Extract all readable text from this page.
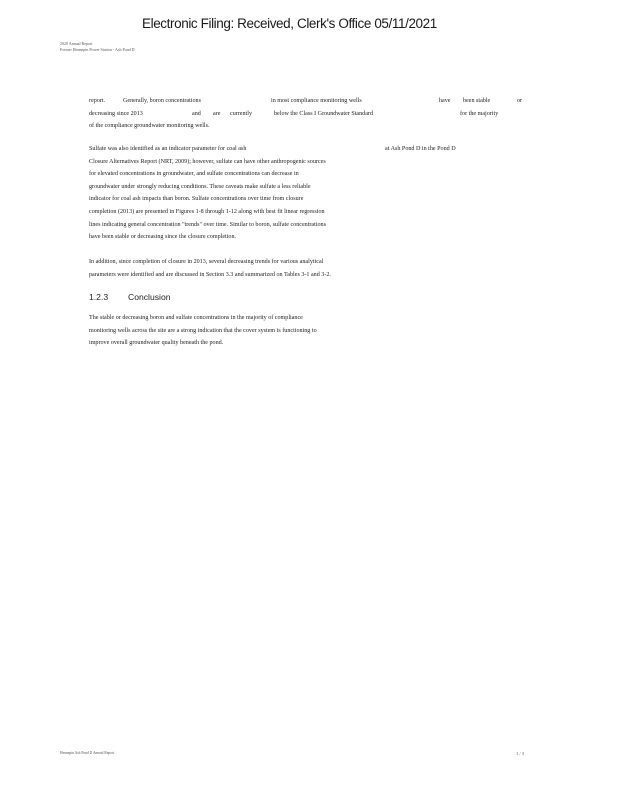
Electronic Filing: Received, Clerk's Office 05/11/2021
2020 Annual Report
Former Hennepin Power Station - Ash Pond D
report.	Generally, boron concentrations	in most compliance monitoring wells	have been stable	or
decreasing since 2013	and are currently	below the Class I Groundwater Standard	for the majority
of the compliance groundwater monitoring wells.
Sulfate was also identified as an indicator parameter for coal ash	at Ash Pond D in the Pond D
Closure Alternatives Report (NRT, 2009); however, sulfate can have other anthropogenic sources
for elevated concentrations in groundwater, and sulfate concentrations can decrease in
groundwater under strongly reducing conditions. These caveats make sulfate a less reliable
indicator for coal ash impacts than boron. Sulfate concentrations over time from closure
completion (2013) are presented in Figures 1-8 through 1-12 along with best fit linear regression
lines indicating general concentration "trends" over time. Similar to boron, sulfate concentrations
have been stable or decreasing since the closure completion.
In addition, since completion of closure in 2013, several decreasing trends for various analytical
parameters were identified and are discussed in Section 3.3 and summarized on Tables 3-1 and 3-2.
1.2.3 Conclusion
The stable or decreasing boron and sulfate concentrations in the majority of compliance
monitoring wells across the site are a strong indication that the cover system is functioning to
improve overall groundwater quality beneath the pond.
Hennepin Ash Pond D Annual Report	1 / 3
